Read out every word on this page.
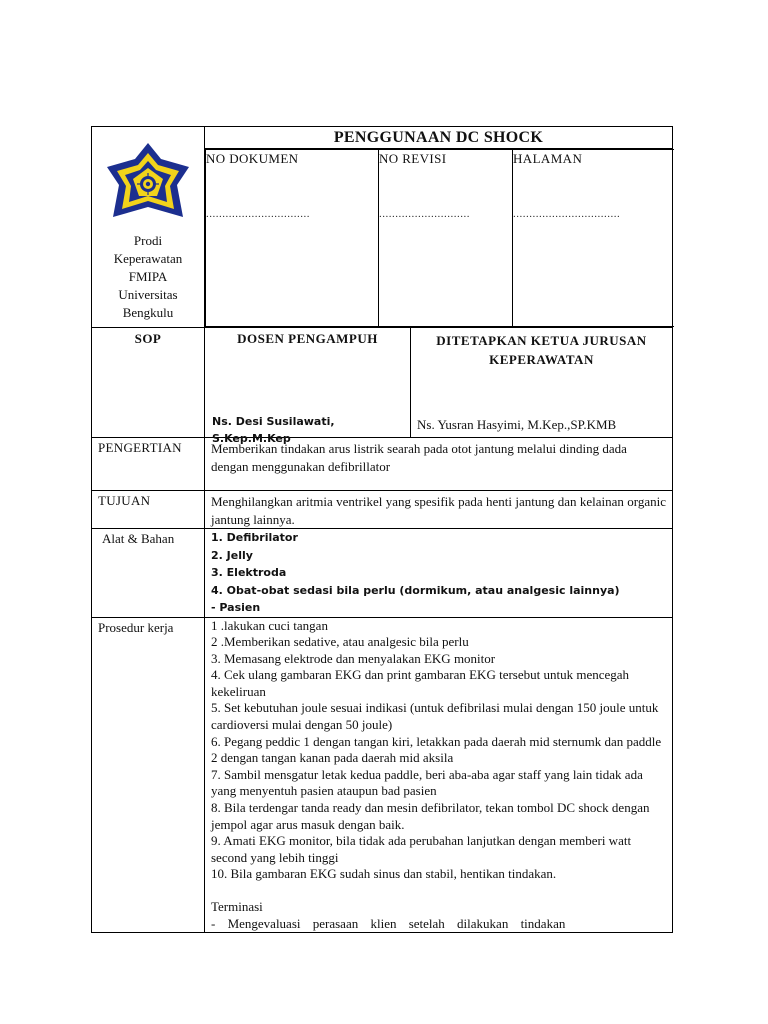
Prodi
Keperawatan
FMIPA
Universitas
Bengkulu

PENGGUNAAN DC SHOCK
NO DOKUMEN
................................

NO REVISI
............................

HALAMAN
.................................

SOP	DOSEN PENGAMPUH
Ns. Desi Susilawati, S.Kep.M.Kep

DITETAPKAN KETUA JURUSAN KEPERAWATAN
Ns. Yusran Hasyimi, M.Kep.,SP.KMB

PENGERTIAN	Memberikan tindakan arus listrik searah pada otot jantung melalui dinding dada dengan menggunakan defibrillator
TUJUAN	Menghilangkan aritmia ventrikel yang spesifik pada henti jantung dan kelainan organic jantung lainnya.
Alat & Bahan	1. Defibrilator
2. Jelly
3. Elektroda
4. Obat-obat sedasi bila perlu (dormikum, atau analgesic lainnya)
- Pasien

Prosedur kerja	1 .lakukan cuci tangan
2 .Memberikan sedative, atau analgesic bila perlu
3. Memasang elektrode dan menyalakan EKG monitor
4. Cek ulang gambaran EKG dan print gambaran EKG tersebut untuk mencegah kekeliruan
5. Set kebutuhan joule sesuai indikasi (untuk defibrilasi mulai dengan 150 joule untuk cardioversi mulai dengan 50 joule)
6. Pegang peddic 1 dengan tangan kiri, letakkan pada daerah mid sternumk dan paddle 2 dengan tangan kanan pada daerah mid aksila
7. Sambil mensgatur letak kedua paddle, beri aba-aba agar staff yang lain tidak ada yang menyentuh pasien ataupun bad pasien
8. Bila terdengar tanda ready dan mesin defibrilator, tekan tombol DC shock dengan jempol agar arus masuk dengan baik.
9. Amati EKG monitor, bila tidak ada perubahan lanjutkan dengan memberi watt second yang lebih tinggi
10. Bila gambaran EKG sudah sinus dan stabil, hentikan tindakan.
Terminasi
- Mengevaluasi perasaan klien setelah dilakukan tindakan
